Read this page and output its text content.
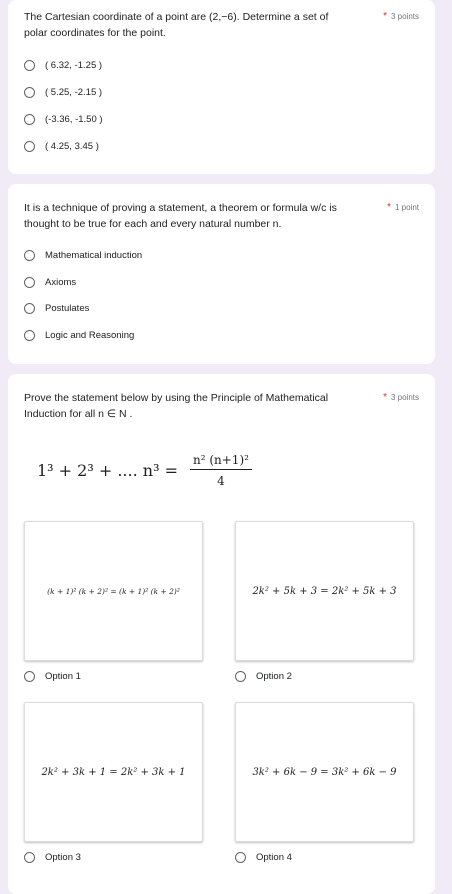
The Cartesian coordinate of a point are (2,−6). Determine a set of polar coordinates for the point.
* 3 points
( 6.32, -1.25 )
( 5.25, -2.15 )
(-3.36, -1.50 )
( 4.25, 3.45 )
It is a technique of proving a statement, a theorem or formula w/c is thought to be true for each and every natural number n.
* 1 point
Mathematical induction
Axioms
Postulates
Logic and Reasoning
Prove the statement below by using the Principle of Mathematical Induction for all n ∈ N .
* 3 points
1³ + 2³ + .... $n^3 = \frac{\text{n² (n+1)²}}{4}$
(k + 1)² (k + 2)² = (k + 1)² (k + 2)²	2k² + 5k + 3 = 2k² + 5k + 3
Option 1	Option 2
2k² + 3k + 1 = 2k² + 3k + 1	3k² + 6k − 9 = 3k² + 6k − 9
Option 3	Option 4
